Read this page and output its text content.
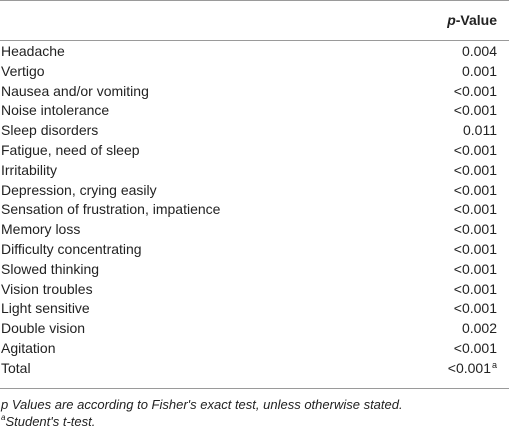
p-Value
Headache	0.004
Vertigo	0.001
Nausea and/or vomiting	<0.001
Noise intolerance	<0.001
Sleep disorders	0.011
Fatigue, need of sleep	<0.001
Irritability	<0.001
Depression, crying easily	<0.001
Sensation of frustration, impatience	<0.001
Memory loss	<0.001
Difficulty concentrating	<0.001
Slowed thinking	<0.001
Vision troubles	<0.001
Light sensitive	<0.001
Double vision	0.002
Agitation	<0.001
Total	<0.001$^a$
p Values are according to Fisher's exact test, unless otherwise stated.
$^a$Student's t-test.
